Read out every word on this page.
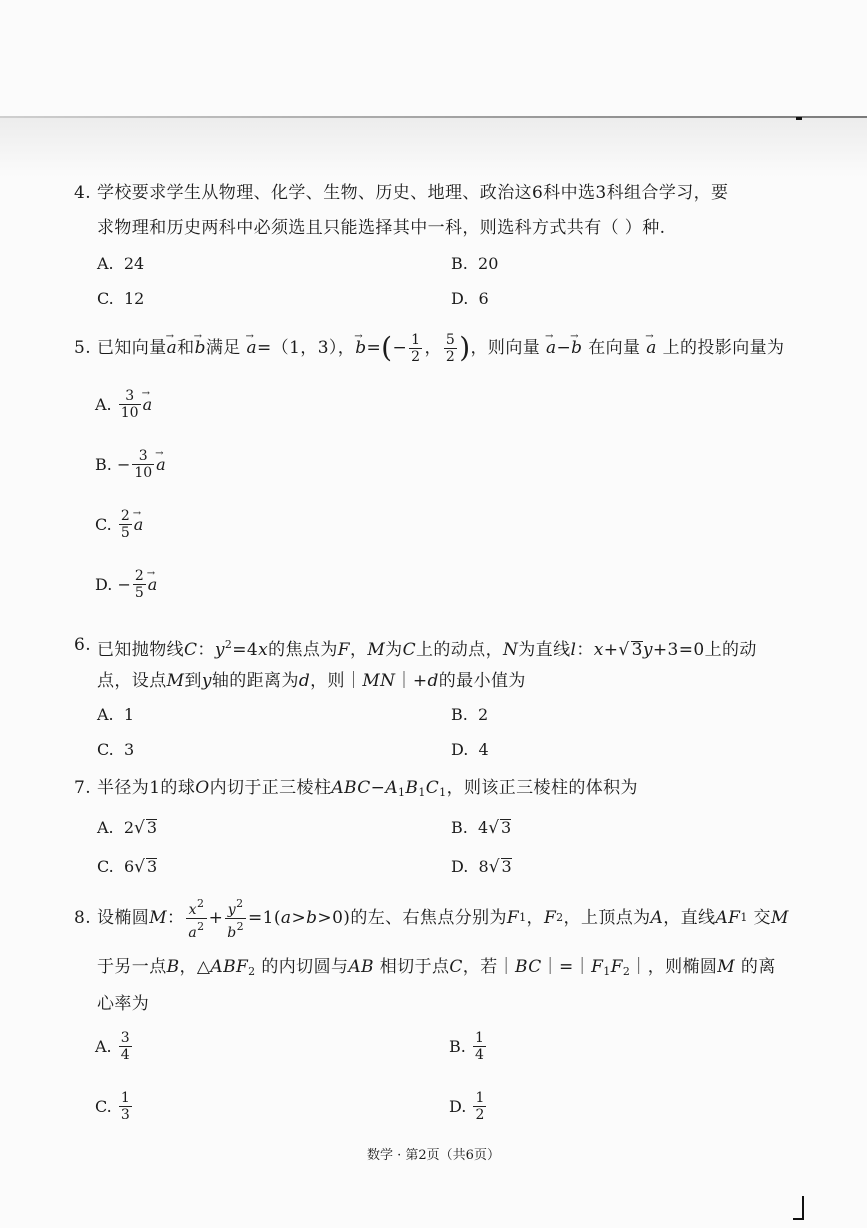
4. 学校要求学生从物理、化学、生物、历史、地理、政治这6科中选3科组合学习，要
求物理和历史两科中必须选且只能选择其中一科，则选科方式共有（ ）种.
A. 24	B. 20
C. 12	D. 6
5. 已知向量
→ a 和
→ b 满足

→ a =（1，3），
→ b = ( − $\frac{1}{2}$ ， $\frac{5}{2}$ ) ，则向量

→ a −
→ b
在向量

→ a
上的投影向量为
A.
$\frac{3}{10}$
→ a
B.
− $\frac{3}{10}$
→ a
C.
$\frac{2}{5}$
→ a
D.
− $\frac{2}{5}$
→ a
6. 已知抛物线C：$y^2=4x$的焦点为F，M为C上的动点，N为直线l：x+√ 3y+3=0上的动
点，设点M到y轴的距离为d，则｜MN｜+d的最小值为
A. 1	B. 2
C. 3	D. 4
7. 半径为1的球O内切于正三棱柱$ABC-A_1B_1C_1$，则该正三棱柱的体积为
A. 2√ 3	B. 4√ 3
C. 6√ 3	D. 8√ 3
8. 设椭圆 M ： $\frac{x^2}{a^2} + \frac{y^2}{b^2} =1$( a > b >0)的左、右焦点分别为 F 1 ， F 2 ，上顶点为 A ，直线 AF 1
交 M
于另一点B，$\triangle ABF_2$ 的内切圆与AB 相切于点C，若$|BC|=|F_1F_2|$，则椭圆M 的离
心率为
A.
$\frac{3}{4}$	B.
$\frac{1}{4}$
C.
$\frac{1}{3}$	D.
$\frac{1}{2}$
数学 · 第2页（共6页）
